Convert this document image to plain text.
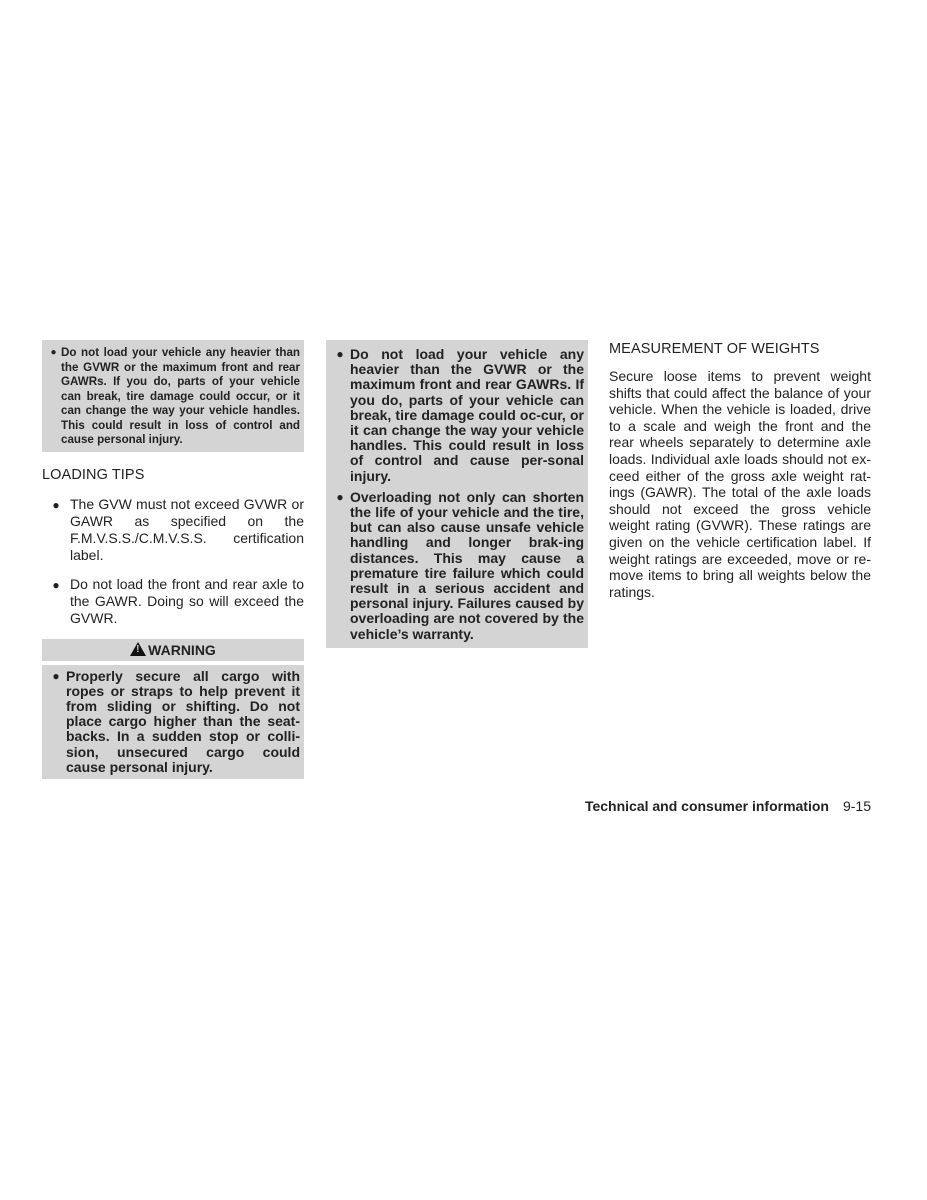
● Do not load your vehicle any heavier than the GVWR or the maximum front and rear GAWRs. If you do, parts of your vehicle can break, tire damage could occur, or it can change the way your vehicle handles. This could result in loss of control and cause personal injury.
LOADING TIPS
● The GVW must not exceed GVWR or GAWR as specified on the F.M.V.S.S./C.M.V.S.S. certification label.
● Do not load the front and rear axle to the GAWR. Doing so will exceed the GVWR.
!WARNING
● Properly secure all cargo with ropes or straps to help prevent it from sliding or shifting. Do not place cargo higher than the seat-backs. In a sudden stop or colli-sion, unsecured cargo could cause personal injury.
● Do not load your vehicle any heavier than the GVWR or the maximum front and rear GAWRs. If you do, parts of your vehicle can break, tire damage could oc-cur, or it can change the way your vehicle handles. This could result in loss of control and cause per-sonal injury.
● Overloading not only can shorten the life of your vehicle and the tire, but can also cause unsafe vehicle handling and longer brak-ing distances. This may cause a premature tire failure which could result in a serious accident and personal injury. Failures caused by overloading are not covered by the vehicle’s warranty.
MEASUREMENT OF WEIGHTS

Secure loose items to prevent weight shifts that could affect the balance of your vehicle. When the vehicle is loaded, drive to a scale and weigh the front and the rear wheels separately to determine axle loads. Individual axle loads should not ex-ceed either of the gross axle weight rat-ings (GAWR). The total of the axle loads should not exceed the gross vehicle weight rating (GVWR). These ratings are given on the vehicle certification label. If weight ratings are exceeded, move or re-move items to bring all weights below the ratings.

Technical and consumer information 9-15
